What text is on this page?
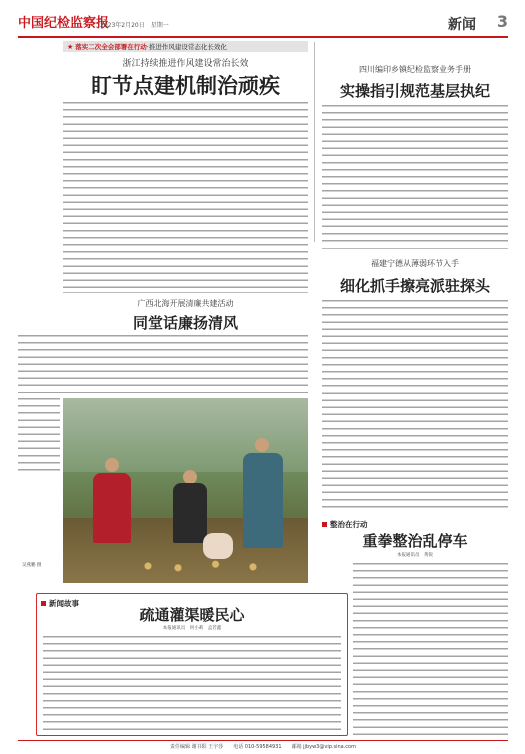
中国纪检监察报
2023年2月20日　星期一	新闻 3
★ 落实二次全会部署在行动 ·推进作风建设常态化长效化
浙江持续推进作风建设常治长效
盯节点建机制治顽疾
四川编印乡镇纪检监察业务手册
实操指引规范基层执纪
广西北海开展清廉共建活动
同堂话廉扬清风
福建宁德从薄弱环节入手
细化抓手擦亮派驻探头
吴燕鹏 摄
新闻故事
疏通灌渠暖民心
本报通讯员　何小莉　孟若鑫
整治在行动
重拳整治乱停车
本报通讯员　黄锐
责任编辑 谢书阳 王宇莎　　电话 010-59584931　　邮箱 jjbyw3@vip.sina.com
